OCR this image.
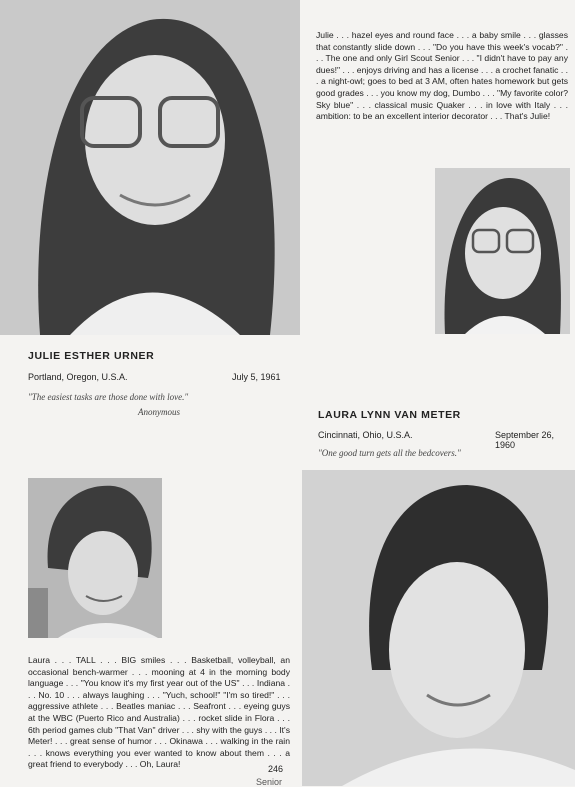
Julie . . . hazel eyes and round face . . . a baby smile . . . glasses that constantly slide down . . . "Do you have this week's vocab?" . . . The one and only Girl Scout Senior . . . "I didn't have to pay any dues!" . . . enjoys driving and has a license . . . a crochet fanatic . . . a night-owl; goes to bed at 3 AM, often hates homework but gets good grades . . . you know my dog, Dumbo . . . "My favorite color? Sky blue" . . . classical music Quaker . . . in love with Italy . . . ambition: to be an excellent interior decorator . . . That's Julie!

JULIE ESTHER URNER

Portland, Oregon, U.S.A.	July 5, 1961

"The easiest tasks are those done with love."

Anonymous	LAURA LYNN VAN METER

Cincinnati, Ohio, U.S.A.	September 26, 1960

"One good turn gets all the bedcovers."

Laura . . . TALL . . . BIG smiles . . . Basketball, volleyball, an occasional bench-warmer . . . mooning at 4 in the morning body language . . . "You know it's my first year out of the US" . . . Indiana . . . No. 10 . . . always laughing . . . "Yuch, school!" "I'm so tired!" . . . aggressive athlete . . . Beatles maniac . . . Seafront . . . eyeing guys at the WBC (Puerto Rico and Australia) . . . rocket slide in Flora . . . 6th period games club "That Van" driver . . . shy with the guys . . . It's Meter! . . . great sense of humor . . . Okinawa . . . walking in the rain . . . knows everything you ever wanted to know about them . . . a great friend to everybody . . . Oh, Laura!	246

Senior
